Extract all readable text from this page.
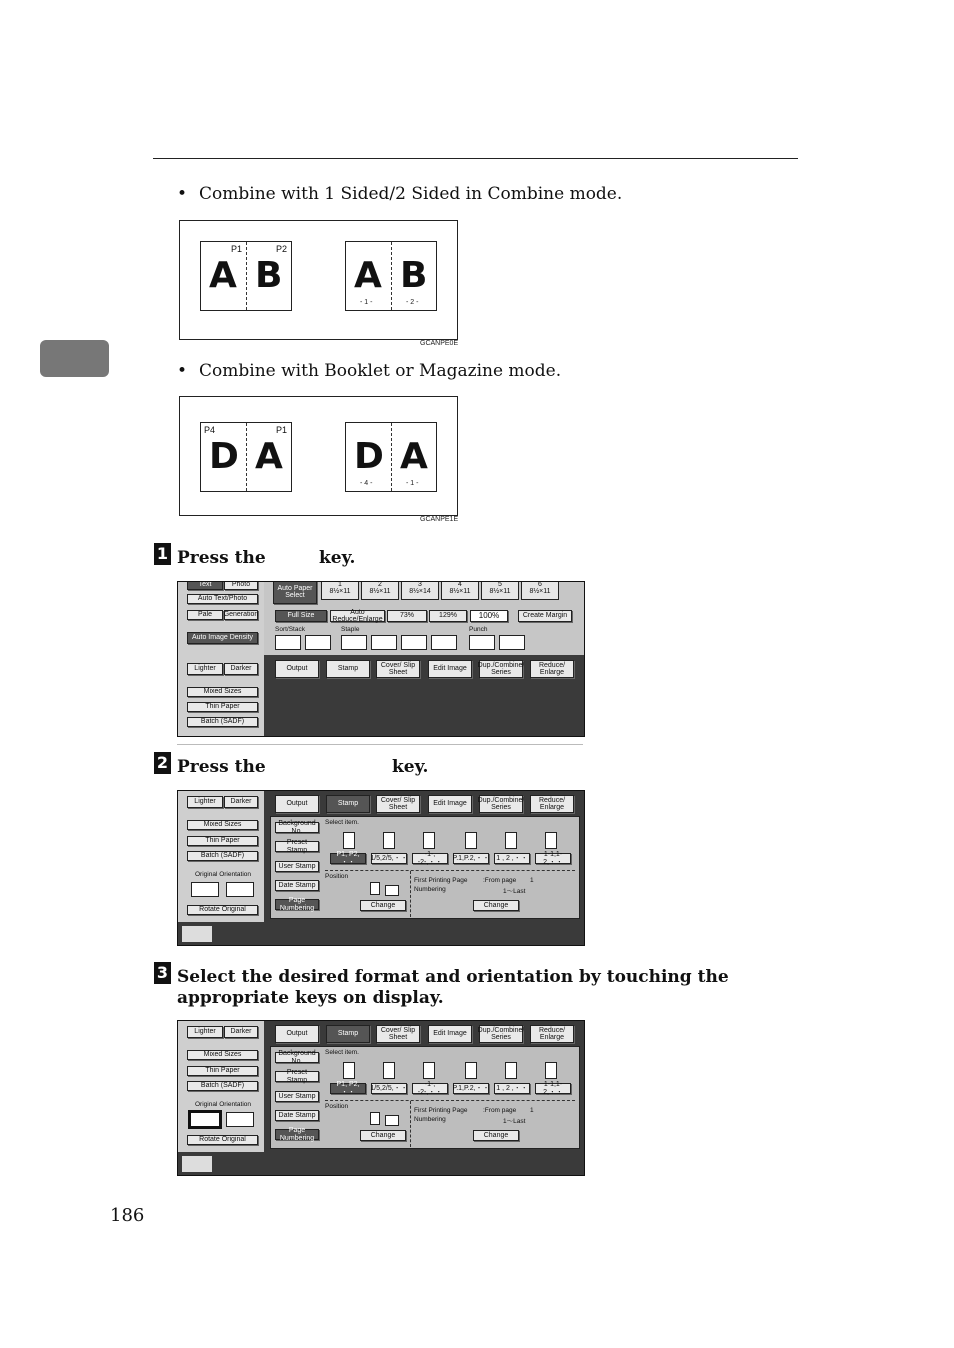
• Combine with 1 Sided/2 Sided in Combine mode.
P1	P2
A B A B
- 1 -	- 2 -
GCANPE0E
• Combine with Booklet or Magazine mode.
P4	P1
D A D A
- 4 -	- 1 -
GCANPE1E
1 Press the	key.
Text	Photo
Auto Text/Photo
Pale	Generation
Auto Image Density
Lighter	Darker
Mixed Sizes
Thin Paper
Batch (SADF)
Auto Paper Select
1
8½×11
2
8½×11
3
8½×14
4
8½×11
5
8½×11
6
8½×11
Full Size
Auto Reduce/Enlarge
73%	129%	100%	Create Margin
Sort/Stack	Staple	Punch
Output	Stamp
Cover/ Slip Sheet
Edit Image
Dup./Combine/ Series
Reduce/ Enlarge
2 Press the	key.
Lighter	Darker
Mixed Sizes
Thin Paper
Batch (SADF)
Original Orientation
Rotate Original
Output	Stamp
Cover/ Slip Sheet
Edit Image
Dup./Combine/ Series
Reduce/ Enlarge
Background No.
Preset Stamp
User Stamp
Date Stamp
Page Numbering
Select item.
P1, P2, ・・
1/5,2/5,・・
-1-, -2-,・・
P.1,P.2,・・ 1 , 2 ,・・
1-1,1-2,・・
Position
Change
First Printing Page :From page 1
Numbering	1～Last
Change
3 Select the desired format and orientation by touching the appropriate keys on display.
Lighter	Darker
Mixed Sizes
Thin Paper
Batch (SADF)
Original Orientation
Rotate Original
Output	Stamp
Cover/ Slip Sheet
Edit Image
Dup./Combine/ Series
Reduce/ Enlarge
Background No.
Preset Stamp
User Stamp
Date Stamp
Page Numbering
Select item.
P1, P2, ・・
1/5,2/5,・・
-1-, -2-,・・
P.1,P.2,・・ 1 , 2 ,・・
1-1,1-2,・・
Position
Change
First Printing Page :From page 1
Numbering	1～Last
Change
186
